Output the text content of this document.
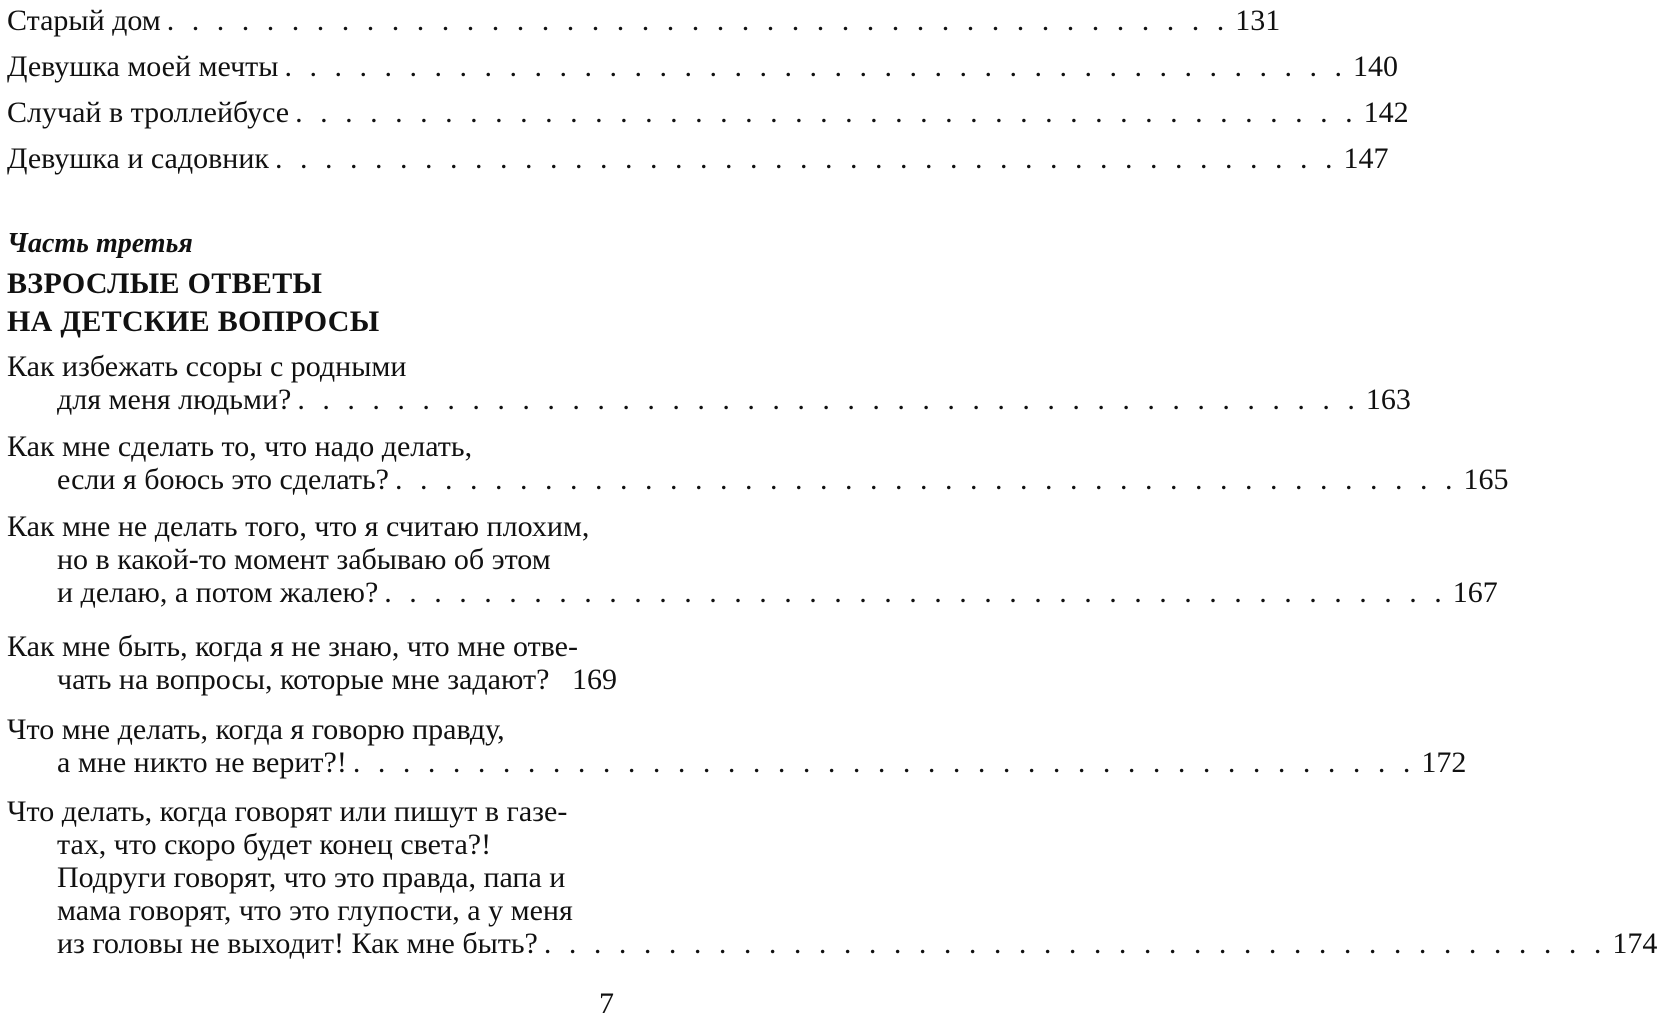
Старый дом . . . . . . . . . . . . . . . . . . . . . . . . . . . . . . . . . . . . . . . . . . . 131
Девушка моей мечты . . . . . . . . . . . . . . . . . . . . . . . . . . . . . . . . . . . . . . . . . . . 140
Случай в троллейбусе . . . . . . . . . . . . . . . . . . . . . . . . . . . . . . . . . . . . . . . . . . . 142
Девушка и садовник . . . . . . . . . . . . . . . . . . . . . . . . . . . . . . . . . . . . . . . . . . . 147
Часть третья
ВЗРОСЛЫЕ ОТВЕТЫ
НА ДЕТСКИЕ ВОПРОСЫ
Как избежать ссоры с родными
для меня людьми? . . . . . . . . . . . . . . . . . . . . . . . . . . . . . . . . . . . . . . . . . . . 163
Как мне сделать то, что надо делать,
если я боюсь это сделать? . . . . . . . . . . . . . . . . . . . . . . . . . . . . . . . . . . . . . . . . . . . 165
Как мне не делать того, что я считаю плохим,
но в какой-то момент забываю об этом
и делаю, а потом жалею? . . . . . . . . . . . . . . . . . . . . . . . . . . . . . . . . . . . . . . . . . . . 167
Как мне быть, когда я не знаю, что мне отве-
чать на вопросы, которые мне задают? 169
Что мне делать, когда я говорю правду,
а мне никто не верит?! . . . . . . . . . . . . . . . . . . . . . . . . . . . . . . . . . . . . . . . . . . . 172
Что делать, когда говорят или пишут в газе-
тах, что скоро будет конец света?!
Подруги говорят, что это правда, папа и
мама говорят, что это глупости, а у меня
из головы не выходит! Как мне быть? . . . . . . . . . . . . . . . . . . . . . . . . . . . . . . . . . . . . . . . . . . . 174
7
